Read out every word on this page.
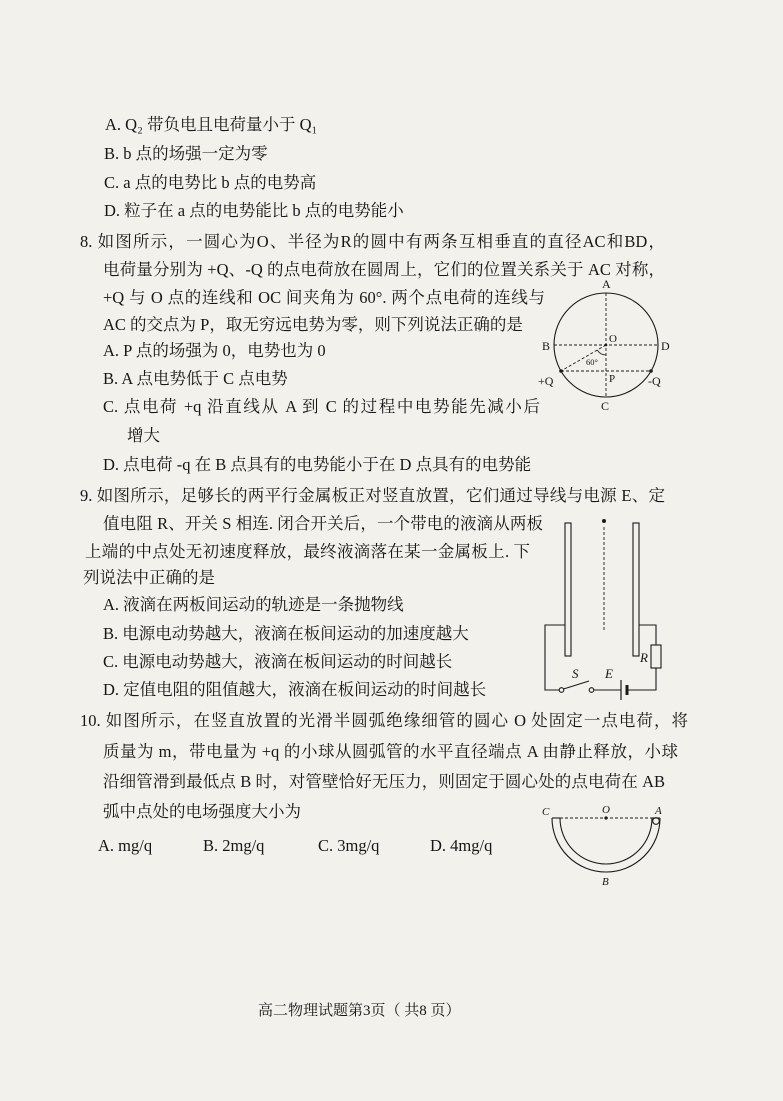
A. Q₂ 带负电且电荷量小于 Q₁
B. b 点的场强一定为零
C. a 点的电势比 b 点的电势高
D. 粒子在 a 点的电势能比 b 点的电势能小
8. 如图所示，一圆心为O、半径为R的圆中有两条互相垂直的直径AC和BD，
电荷量分别为 +Q、-Q 的点电荷放在圆周上，它们的位置关系关于 AC 对称，
+Q 与 O 点的连线和 OC 间夹角为 60°. 两个点电荷的连线与
AC 的交点为 P，取无穷远电势为零，则下列说法正确的是
A. P 点的场强为 0，电势也为 0
B. A 点电势低于 C 点电势
C. 点电荷 +q 沿直线从 A 到 C 的过程中电势能先减小后
增大
D. 点电荷 -q 在 B 点具有的电势能小于在 D 点具有的电势能
A
B	D
C
O
P
60°
+Q	-Q
9. 如图所示，足够长的两平行金属板正对竖直放置，它们通过导线与电源 E、定
值电阻 R、开关 S 相连. 闭合开关后，一个带电的液滴从两板
上端的中点处无初速度释放，最终液滴落在某一金属板上. 下
列说法中正确的是
A. 液滴在两板间运动的轨迹是一条抛物线
B. 电源电动势越大，液滴在板间运动的加速度越大
C. 电源电动势越大，液滴在板间运动的时间越长
D. 定值电阻的阻值越大，液滴在板间运动的时间越长
S E
R
10. 如图所示，在竖直放置的光滑半圆弧绝缘细管的圆心 O 处固定一点电荷，将
质量为 m，带电量为 +q 的小球从圆弧管的水平直径端点 A 由静止释放，小球
沿细管滑到最低点 B 时，对管壁恰好无压力，则固定于圆心处的点电荷在 AB
弧中点处的电场强度大小为
A. mg/q	B. 2mg/q	C. 3mg/q	D. 4mg/q
C	O	A
B
高二物理试题第3页（ 共8 页）
